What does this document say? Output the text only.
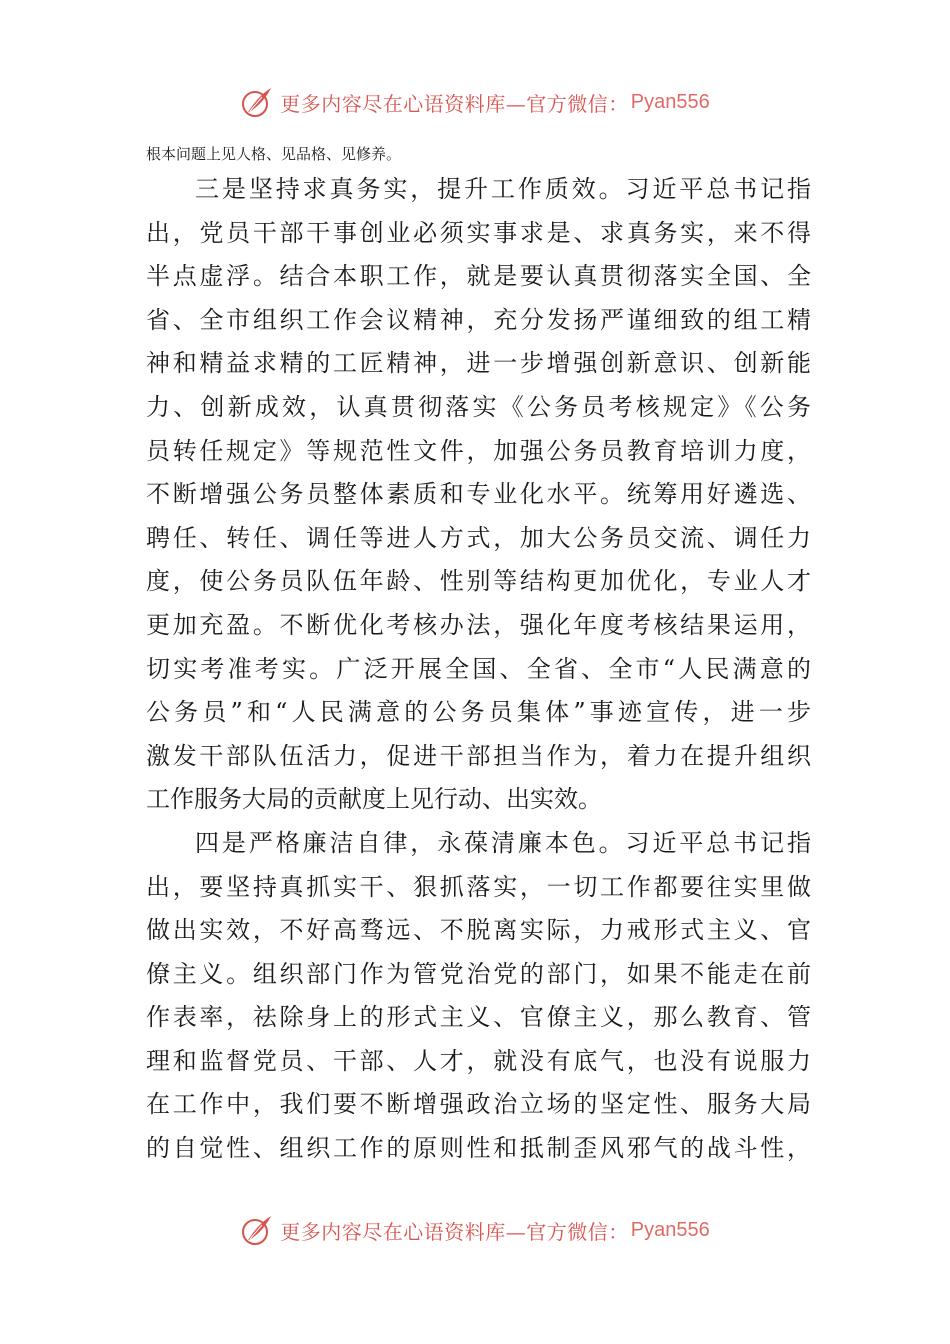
更多内容尽在心语资料库—官方微信： Pyan556
根本问题上见人格、见品格、见修养。
三是坚持求真务实，提升工作质效。习近平总书记指
出，党员干部干事创业必须实事求是、求真务实，来不得
半点虚浮。结合本职工作，就是要认真贯彻落实全国、全
省、全市组织工作会议精神，充分发扬严谨细致的组工精
神和精益求精的工匠精神，进一步增强创新意识、创新能
力、创新成效，认真贯彻落实《公务员考核规定》《公务
员转任规定》等规范性文件，加强公务员教育培训力度，
不断增强公务员整体素质和专业化水平。统筹用好遴选、
聘任、转任、调任等进人方式，加大公务员交流、调任力
度，使公务员队伍年龄、性别等结构更加优化，专业人才
更加充盈。不断优化考核办法，强化年度考核结果运用，
切实考准考实。广泛开展全国、全省、全市“人民满意的
公务员”和“人民满意的公务员集体”事迹宣传，进一步
激发干部队伍活力，促进干部担当作为，着力在提升组织
工作服务大局的贡献度上见行动、出实效。
四是严格廉洁自律，永葆清廉本色。习近平总书记指
出，要坚持真抓实干、狠抓落实，一切工作都要往实里做
做出实效，不好高骛远、不脱离实际，力戒形式主义、官
僚主义。组织部门作为管党治党的部门，如果不能走在前
作表率，祛除身上的形式主义、官僚主义，那么教育、管
理和监督党员、干部、人才，就没有底气，也没有说服力
在工作中，我们要不断增强政治立场的坚定性、服务大局
的自觉性、组织工作的原则性和抵制歪风邪气的战斗性，
更多内容尽在心语资料库—官方微信： Pyan556
